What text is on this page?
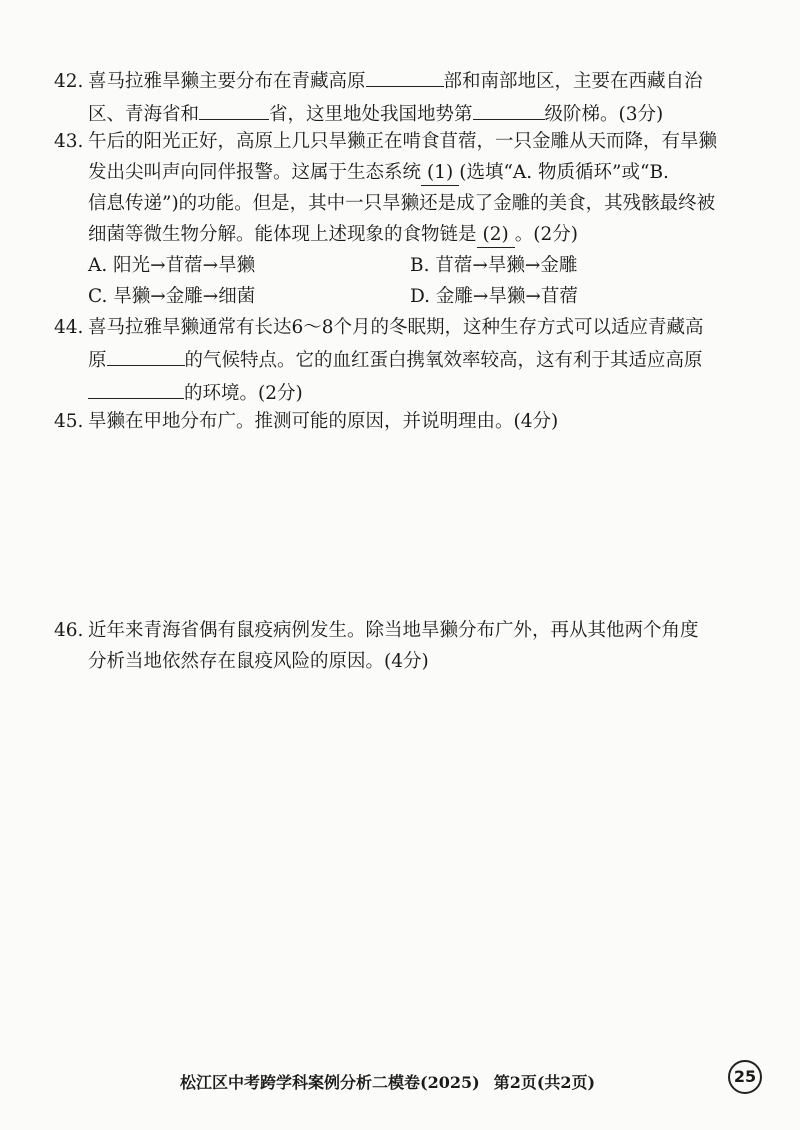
42. 喜马拉雅旱獭主要分布在青藏高原	部和南部地区，主要在西藏自治
区、青海省和	省，这里地处我国地势第	级阶梯。(3分)
43. 午后的阳光正好，高原上几只旱獭正在啃食苜蓿，一只金雕从天而降，有旱獭
发出尖叫声向同伴报警。这属于生态系统 (1) (选填“A. 物质循环”或“B.
信息传递”)的功能。但是，其中一只旱獭还是成了金雕的美食，其残骸最终被
细菌等微生物分解。能体现上述现象的食物链是 (2) 。(2分)
A. 阳光→苜蓿→旱獭	B. 苜蓿→旱獭→金雕
C. 旱獭→金雕→细菌	D. 金雕→旱獭→苜蓿
44. 喜马拉雅旱獭通常有长达6～8个月的冬眠期，这种生存方式可以适应青藏高
原	的气候特点。它的血红蛋白携氧效率较高，这有利于其适应高原
的环境。(2分)
45. 旱獭在甲地分布广。推测可能的原因，并说明理由。(4分)
46. 近年来青海省偶有鼠疫病例发生。除当地旱獭分布广外，再从其他两个角度
分析当地依然存在鼠疫风险的原因。(4分)
松江区中考跨学科案例分析二模卷(2025) 第2页(共2页)	25
